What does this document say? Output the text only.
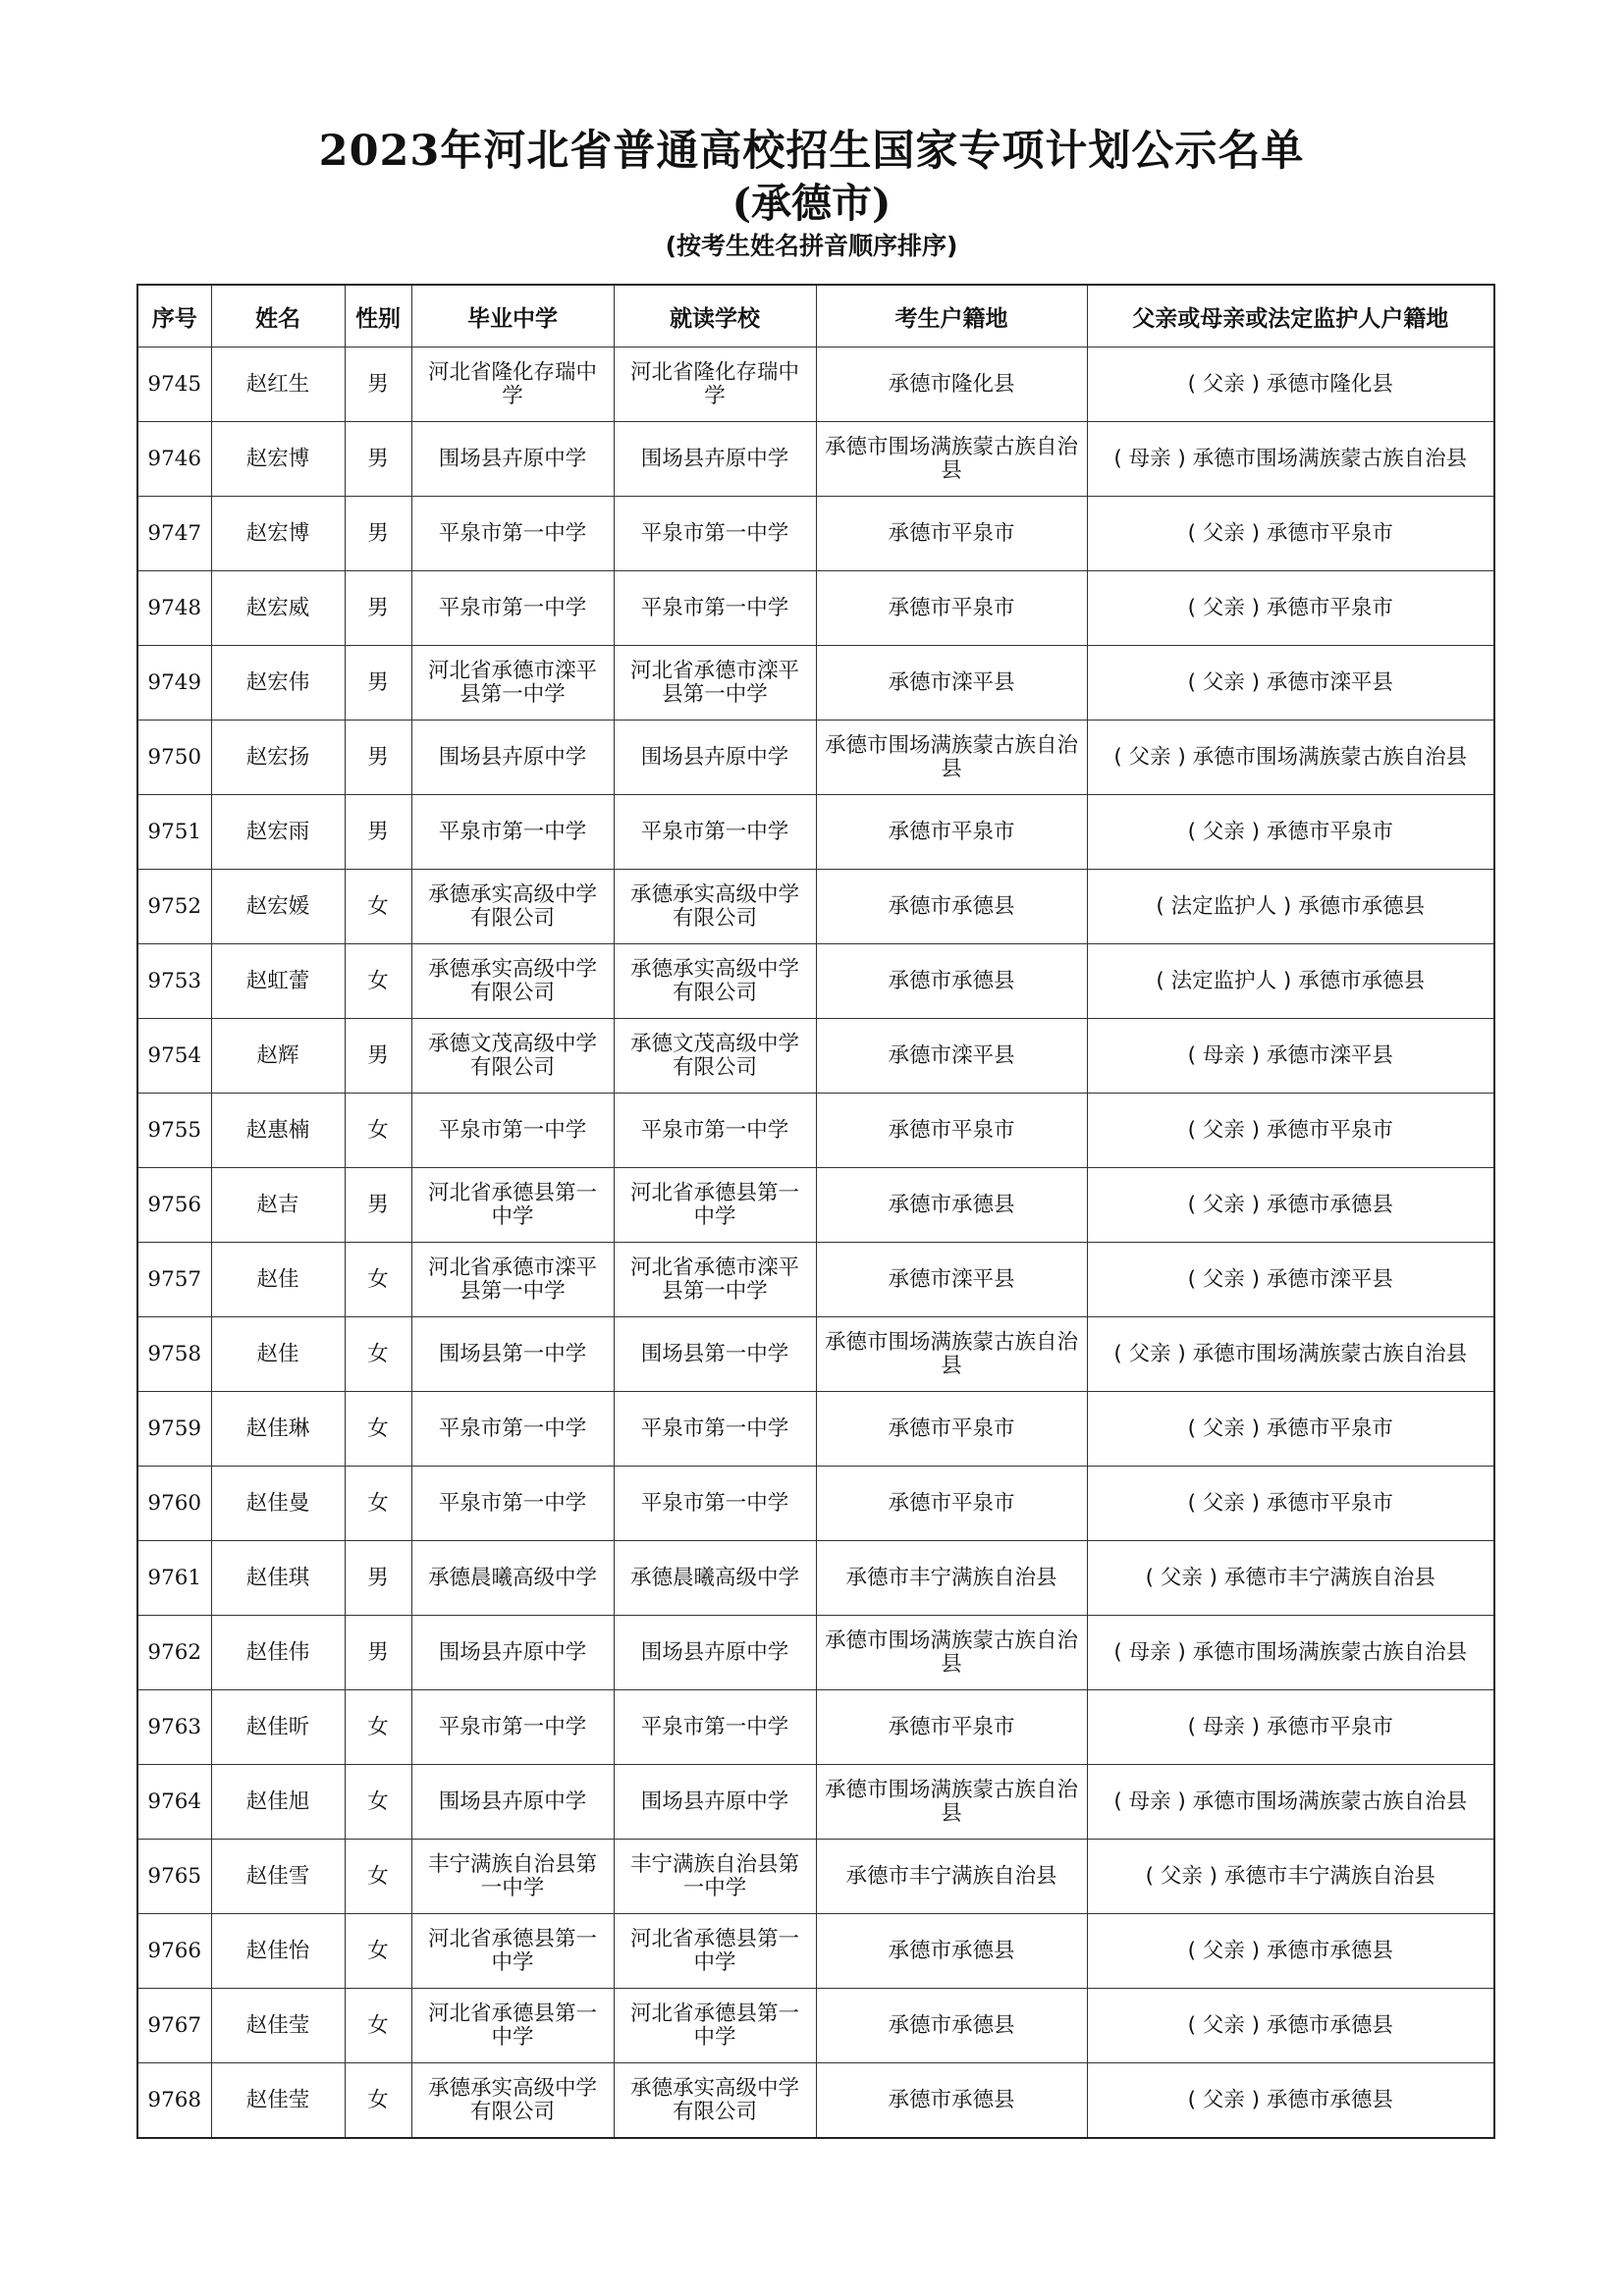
2023年河北省普通高校招生国家专项计划公示名单
(承德市)
(按考生姓名拼音顺序排序)
序号	姓名	性别	毕业中学	就读学校	考生户籍地	父亲或母亲或法定监护人户籍地
9745	赵红生	男	河北省隆化存瑞中学	河北省隆化存瑞中学	承德市隆化县	( 父亲 ) 承德市隆化县
9746	赵宏博	男	围场县卉原中学	围场县卉原中学	承德市围场满族蒙古族自治县	( 母亲 ) 承德市围场满族蒙古族自治县
9747	赵宏博	男	平泉市第一中学	平泉市第一中学	承德市平泉市	( 父亲 ) 承德市平泉市
9748	赵宏威	男	平泉市第一中学	平泉市第一中学	承德市平泉市	( 父亲 ) 承德市平泉市
9749	赵宏伟	男	河北省承德市滦平县第一中学	河北省承德市滦平县第一中学	承德市滦平县	( 父亲 ) 承德市滦平县
9750	赵宏扬	男	围场县卉原中学	围场县卉原中学	承德市围场满族蒙古族自治县	( 父亲 ) 承德市围场满族蒙古族自治县
9751	赵宏雨	男	平泉市第一中学	平泉市第一中学	承德市平泉市	( 父亲 ) 承德市平泉市
9752	赵宏媛	女	承德承实高级中学有限公司	承德承实高级中学有限公司	承德市承德县	( 法定监护人 ) 承德市承德县
9753	赵虹蕾	女	承德承实高级中学有限公司	承德承实高级中学有限公司	承德市承德县	( 法定监护人 ) 承德市承德县
9754	赵辉	男	承德文茂高级中学有限公司	承德文茂高级中学有限公司	承德市滦平县	( 母亲 ) 承德市滦平县
9755	赵惠楠	女	平泉市第一中学	平泉市第一中学	承德市平泉市	( 父亲 ) 承德市平泉市
9756	赵吉	男	河北省承德县第一中学	河北省承德县第一中学	承德市承德县	( 父亲 ) 承德市承德县
9757	赵佳	女	河北省承德市滦平县第一中学	河北省承德市滦平县第一中学	承德市滦平县	( 父亲 ) 承德市滦平县
9758	赵佳	女	围场县第一中学	围场县第一中学	承德市围场满族蒙古族自治县	( 父亲 ) 承德市围场满族蒙古族自治县
9759	赵佳琳	女	平泉市第一中学	平泉市第一中学	承德市平泉市	( 父亲 ) 承德市平泉市
9760	赵佳曼	女	平泉市第一中学	平泉市第一中学	承德市平泉市	( 父亲 ) 承德市平泉市
9761	赵佳琪	男	承德晨曦高级中学	承德晨曦高级中学	承德市丰宁满族自治县	( 父亲 ) 承德市丰宁满族自治县
9762	赵佳伟	男	围场县卉原中学	围场县卉原中学	承德市围场满族蒙古族自治县	( 母亲 ) 承德市围场满族蒙古族自治县
9763	赵佳昕	女	平泉市第一中学	平泉市第一中学	承德市平泉市	( 母亲 ) 承德市平泉市
9764	赵佳旭	女	围场县卉原中学	围场县卉原中学	承德市围场满族蒙古族自治县	( 母亲 ) 承德市围场满族蒙古族自治县
9765	赵佳雪	女	丰宁满族自治县第一中学	丰宁满族自治县第一中学	承德市丰宁满族自治县	( 父亲 ) 承德市丰宁满族自治县
9766	赵佳怡	女	河北省承德县第一中学	河北省承德县第一中学	承德市承德县	( 父亲 ) 承德市承德县
9767	赵佳莹	女	河北省承德县第一中学	河北省承德县第一中学	承德市承德县	( 父亲 ) 承德市承德县
9768	赵佳莹	女	承德承实高级中学有限公司	承德承实高级中学有限公司	承德市承德县	( 父亲 ) 承德市承德县
